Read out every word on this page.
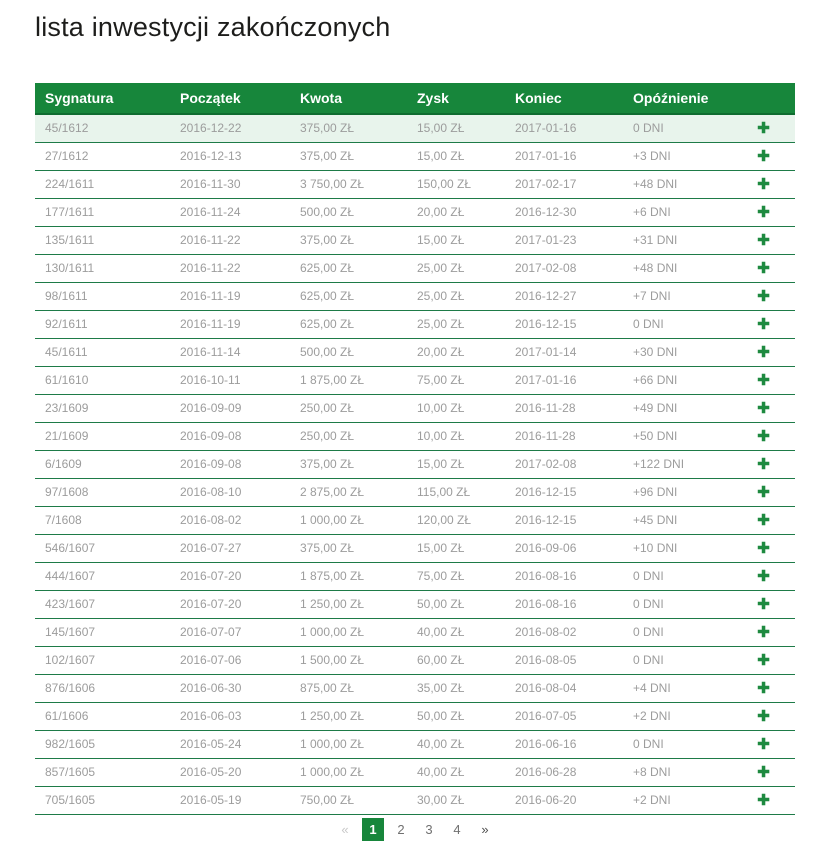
lista inwestycji zakończonych
Sygnatura	Początek	Kwota	Zysk	Koniec	Opóźnienie	
45/1612	2016-12-22	375,00 ZŁ	15,00 ZŁ	2017-01-16	0 DNI	✚
27/1612	2016-12-13	375,00 ZŁ	15,00 ZŁ	2017-01-16	+3 DNI	✚
224/1611	2016-11-30	3 750,00 ZŁ	150,00 ZŁ	2017-02-17	+48 DNI	✚
177/1611	2016-11-24	500,00 ZŁ	20,00 ZŁ	2016-12-30	+6 DNI	✚
135/1611	2016-11-22	375,00 ZŁ	15,00 ZŁ	2017-01-23	+31 DNI	✚
130/1611	2016-11-22	625,00 ZŁ	25,00 ZŁ	2017-02-08	+48 DNI	✚
98/1611	2016-11-19	625,00 ZŁ	25,00 ZŁ	2016-12-27	+7 DNI	✚
92/1611	2016-11-19	625,00 ZŁ	25,00 ZŁ	2016-12-15	0 DNI	✚
45/1611	2016-11-14	500,00 ZŁ	20,00 ZŁ	2017-01-14	+30 DNI	✚
61/1610	2016-10-11	1 875,00 ZŁ	75,00 ZŁ	2017-01-16	+66 DNI	✚
23/1609	2016-09-09	250,00 ZŁ	10,00 ZŁ	2016-11-28	+49 DNI	✚
21/1609	2016-09-08	250,00 ZŁ	10,00 ZŁ	2016-11-28	+50 DNI	✚
6/1609	2016-09-08	375,00 ZŁ	15,00 ZŁ	2017-02-08	+122 DNI	✚
97/1608	2016-08-10	2 875,00 ZŁ	115,00 ZŁ	2016-12-15	+96 DNI	✚
7/1608	2016-08-02	1 000,00 ZŁ	120,00 ZŁ	2016-12-15	+45 DNI	✚
546/1607	2016-07-27	375,00 ZŁ	15,00 ZŁ	2016-09-06	+10 DNI	✚
444/1607	2016-07-20	1 875,00 ZŁ	75,00 ZŁ	2016-08-16	0 DNI	✚
423/1607	2016-07-20	1 250,00 ZŁ	50,00 ZŁ	2016-08-16	0 DNI	✚
145/1607	2016-07-07	1 000,00 ZŁ	40,00 ZŁ	2016-08-02	0 DNI	✚
102/1607	2016-07-06	1 500,00 ZŁ	60,00 ZŁ	2016-08-05	0 DNI	✚
876/1606	2016-06-30	875,00 ZŁ	35,00 ZŁ	2016-08-04	+4 DNI	✚
61/1606	2016-06-03	1 250,00 ZŁ	50,00 ZŁ	2016-07-05	+2 DNI	✚
982/1605	2016-05-24	1 000,00 ZŁ	40,00 ZŁ	2016-06-16	0 DNI	✚
857/1605	2016-05-20	1 000,00 ZŁ	40,00 ZŁ	2016-06-28	+8 DNI	✚
705/1605	2016-05-19	750,00 ZŁ	30,00 ZŁ	2016-06-20	+2 DNI	✚
«	1	2	3	4	»
